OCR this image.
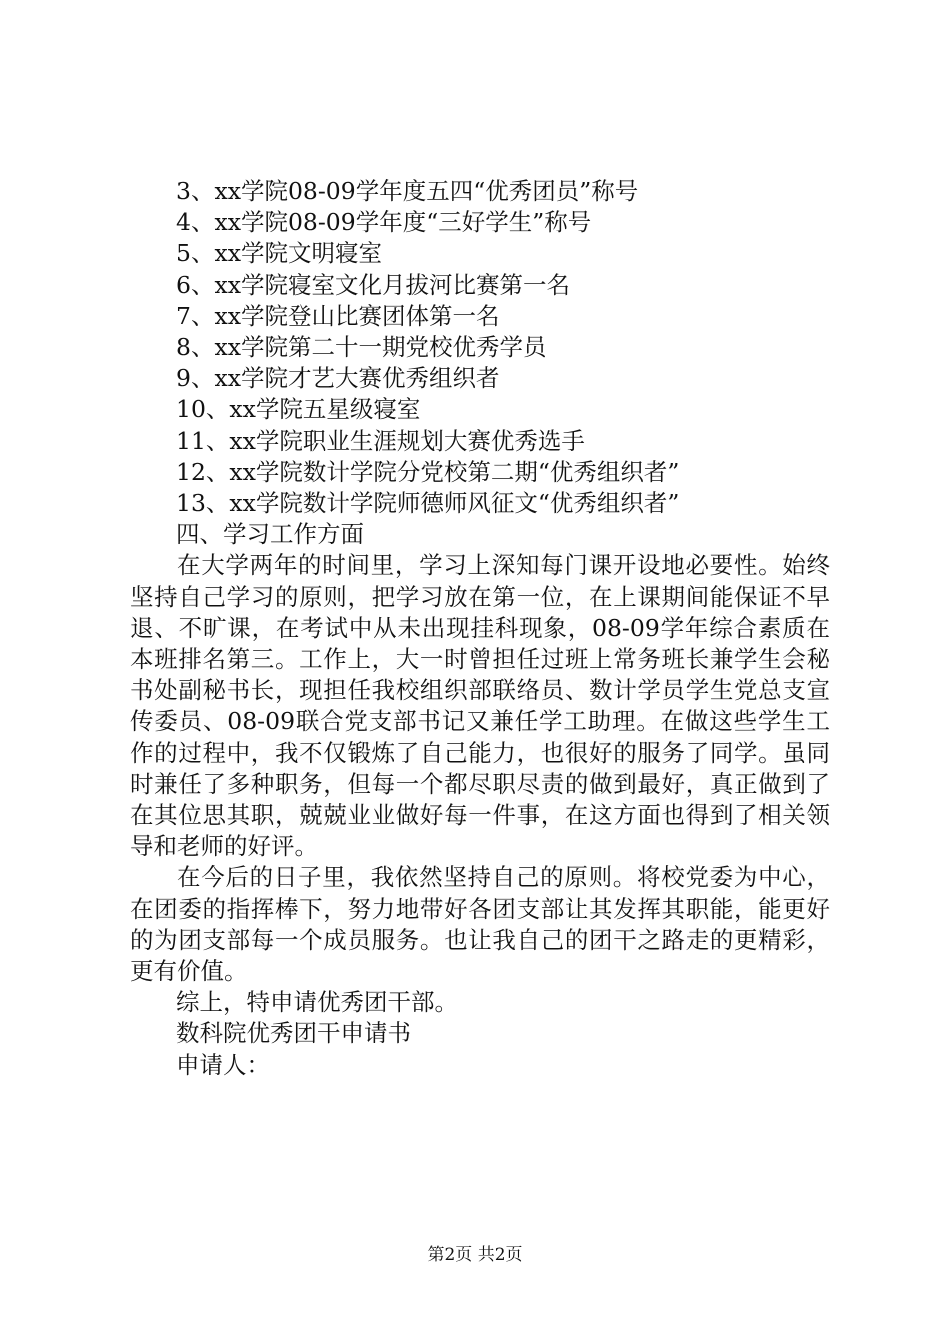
3、xx学院08-09学年度五四“优秀团员”称号
4、xx学院08-09学年度“三好学生”称号
5、xx学院文明寝室
6、xx学院寝室文化月拔河比赛第一名
7、xx学院登山比赛团体第一名
8、xx学院第二十一期党校优秀学员
9、xx学院才艺大赛优秀组织者
10、xx学院五星级寝室
11、xx学院职业生涯规划大赛优秀选手
12、xx学院数计学院分党校第二期“优秀组织者”
13、xx学院数计学院师德师风征文“优秀组织者”
四、学习工作方面

在大学两年的时间里，学习上深知每门课开设地必要性。始终坚持自己学习的原则，把学习放在第一位，在上课期间能保证不早退、不旷课，在考试中从未出现挂科现象，08-09学年综合素质在本班排名第三。工作上，大一时曾担任过班上常务班长兼学生会秘书处副秘书长，现担任我校组织部联络员、数计学员学生党总支宣传委员、08-09联合党支部书记又兼任学工助理。在做这些学生工作的过程中，我不仅锻炼了自己能力，也很好的服务了同学。虽同时兼任了多种职务，但每一个都尽职尽责的做到最好，真正做到了在其位思其职，兢兢业业做好每一件事，在这方面也得到了相关领导和老师的好评。

在今后的日子里，我依然坚持自己的原则。将校党委为中心，在团委的指挥棒下，努力地带好各团支部让其发挥其职能，能更好的为团支部每一个成员服务。也让我自己的团干之路走的更精彩，更有价值。

综上，特申请优秀团干部。
数科院优秀团干申请书
申请人：
第2页 共2页
